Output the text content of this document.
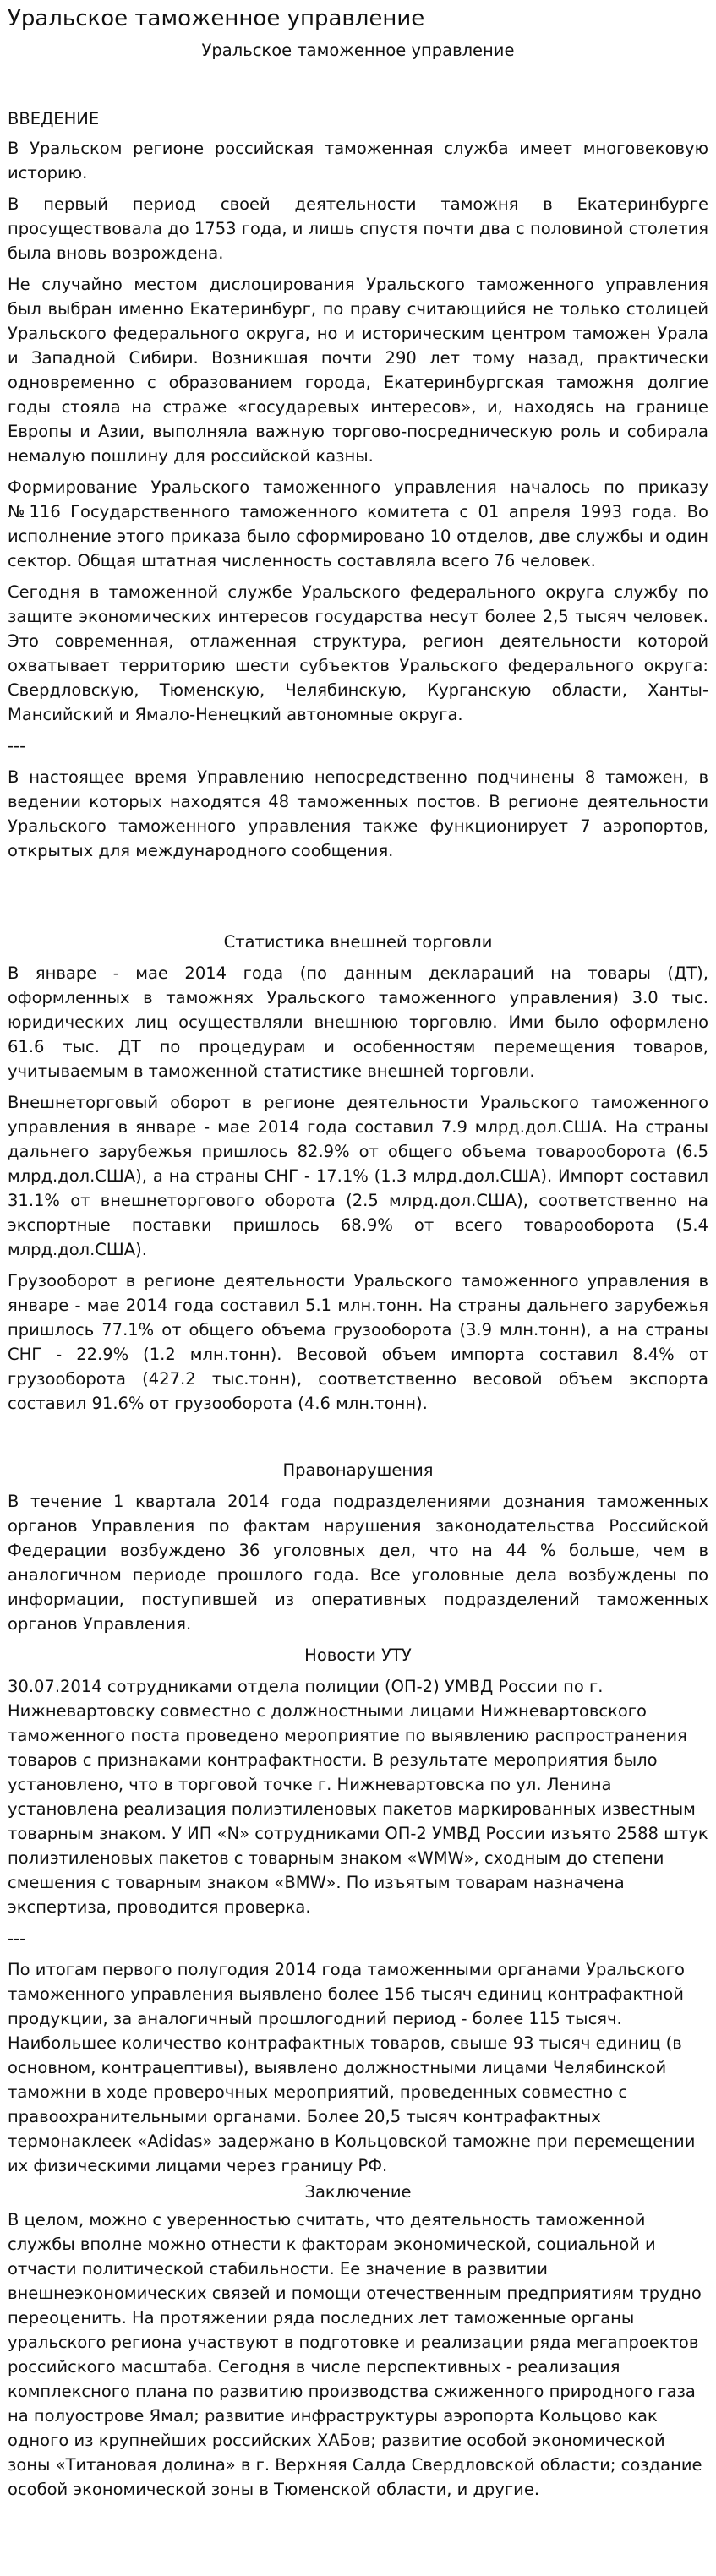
Уральское таможенное управление

Уральское таможенное управление

ВВЕДЕНИЕ

В Уральском регионе российская таможенная служба имеет многовековую историю.

В первый период своей деятельности таможня в Екатеринбурге просуществовала до 1753 года, и лишь спустя почти два с половиной столетия была вновь возрождена.

Не случайно местом дислоцирования Уральского таможенного управления был выбран именно Екатеринбург, по праву считающийся не только столицей Уральского федерального округа, но и историческим центром таможен Урала и Западной Сибири. Возникшая почти 290 лет тому назад, практически одновременно с образованием города, Екатеринбургская таможня долгие годы стояла на страже «государевых интересов», и, находясь на границе Европы и Азии, выполняла важную торгово-посредническую роль и собирала немалую пошлину для российской казны.

Формирование Уральского таможенного управления началось по приказу №116 Государственного таможенного комитета с 01 апреля 1993 года. Во исполнение этого приказа было сформировано 10 отделов, две службы и один сектор. Общая штатная численность составляла всего 76 человек.

Сегодня в таможенной службе Уральского федерального округа службу по защите экономических интересов государства несут более 2,5 тысяч человек. Это современная, отлаженная структура, регион деятельности которой охватывает территорию шести субъектов Уральского федерального округа: Свердловскую, Тюменскую, Челябинскую, Курганскую области, Ханты-Мансийский и Ямало-Ненецкий автономные округа.

---

В настоящее время Управлению непосредственно подчинены 8 таможен, в ведении которых находятся 48 таможенных постов. В регионе деятельности Уральского таможенного управления также функционирует 7 аэропортов, открытых для международного сообщения.

Статистика внешней торговли

В январе - мае 2014 года (по данным деклараций на товары (ДТ), оформленных в таможнях Уральского таможенного управления) 3.0 тыс. юридических лиц осуществляли внешнюю торговлю. Ими было оформлено 61.6 тыс. ДТ по процедурам и особенностям перемещения товаров, учитываемым в таможенной статистике внешней торговли.

Внешнеторговый оборот в регионе деятельности Уральского таможенного управления в январе - мае 2014 года составил 7.9 млрд.дол.США. На страны дальнего зарубежья пришлось 82.9% от общего объема товарооборота (6.5 млрд.дол.США), а на страны СНГ - 17.1% (1.3 млрд.дол.США). Импорт составил 31.1% от внешнеторгового оборота (2.5 млрд.дол.США), соответственно на экспортные поставки пришлось 68.9% от всего товарооборота (5.4 млрд.дол.США).

Грузооборот в регионе деятельности Уральского таможенного управления в январе - мае 2014 года составил 5.1 млн.тонн. На страны дальнего зарубежья пришлось 77.1% от общего объема грузооборота (3.9 млн.тонн), а на страны СНГ - 22.9% (1.2 млн.тонн). Весовой объем импорта составил 8.4% от грузооборота (427.2 тыс.тонн), соответственно весовой объем экспорта составил 91.6% от грузооборота (4.6 млн.тонн).

Правонарушения

В течение 1 квартала 2014 года подразделениями дознания таможенных органов Управления по фактам нарушения законодательства Российской Федерации возбуждено 36 уголовных дел, что на 44 % больше, чем в аналогичном периоде прошлого года. Все уголовные дела возбуждены по информации, поступившей из оперативных подразделений таможенных органов Управления.

Новости УТУ

30.07.2014 сотрудниками отдела полиции (ОП-2) УМВД России по г. Нижневартовску совместно с должностными лицами Нижневартовского таможенного поста проведено мероприятие по выявлению распространения товаров с признаками контрафактности. В результате мероприятия было установлено, что в торговой точке г. Нижневартовска по ул. Ленина установлена реализация полиэтиленовых пакетов маркированных известным товарным знаком. У ИП «N» сотрудниками ОП-2 УМВД России изъято 2588 штук полиэтиленовых пакетов с товарным знаком «WMW», сходным до степени смешения с товарным знаком «BMW». По изъятым товарам назначена экспертиза, проводится проверка.

---

По итогам первого полугодия 2014 года таможенными органами Уральского таможенного управления выявлено более 156 тысяч единиц контрафактной продукции, за аналогичный прошлогодний период - более 115 тысяч. Наибольшее количество контрафактных товаров, свыше 93 тысяч единиц (в основном, контрацептивы), выявлено должностными лицами Челябинской таможни в ходе проверочных мероприятий, проведенных совместно с правоохранительными органами. Более 20,5 тысяч контрафактных термонаклеек «Adidas» задержано в Кольцовской таможне при перемещении их физическими лицами через границу РФ.

Заключение

В целом, можно с уверенностью считать, что деятельность таможенной службы вполне можно отнести к факторам экономической, социальной и отчасти политической стабильности. Ее значение в развитии внешнеэкономических связей и помощи отечественным предприятиям трудно переоценить. На протяжении ряда последних лет таможенные органы уральского региона участвуют в подготовке и реализации ряда мегапроектов российского масштаба. Сегодня в числе перспективных - реализация комплексного плана по развитию производства сжиженного природного газа на полуострове Ямал; развитие инфраструктуры аэропорта Кольцово как одного из крупнейших российских ХАБов; развитие особой экономической зоны «Титановая долина» в г. Верхняя Салда Свердловской области; создание особой экономической зоны в Тюменской области, и другие.
